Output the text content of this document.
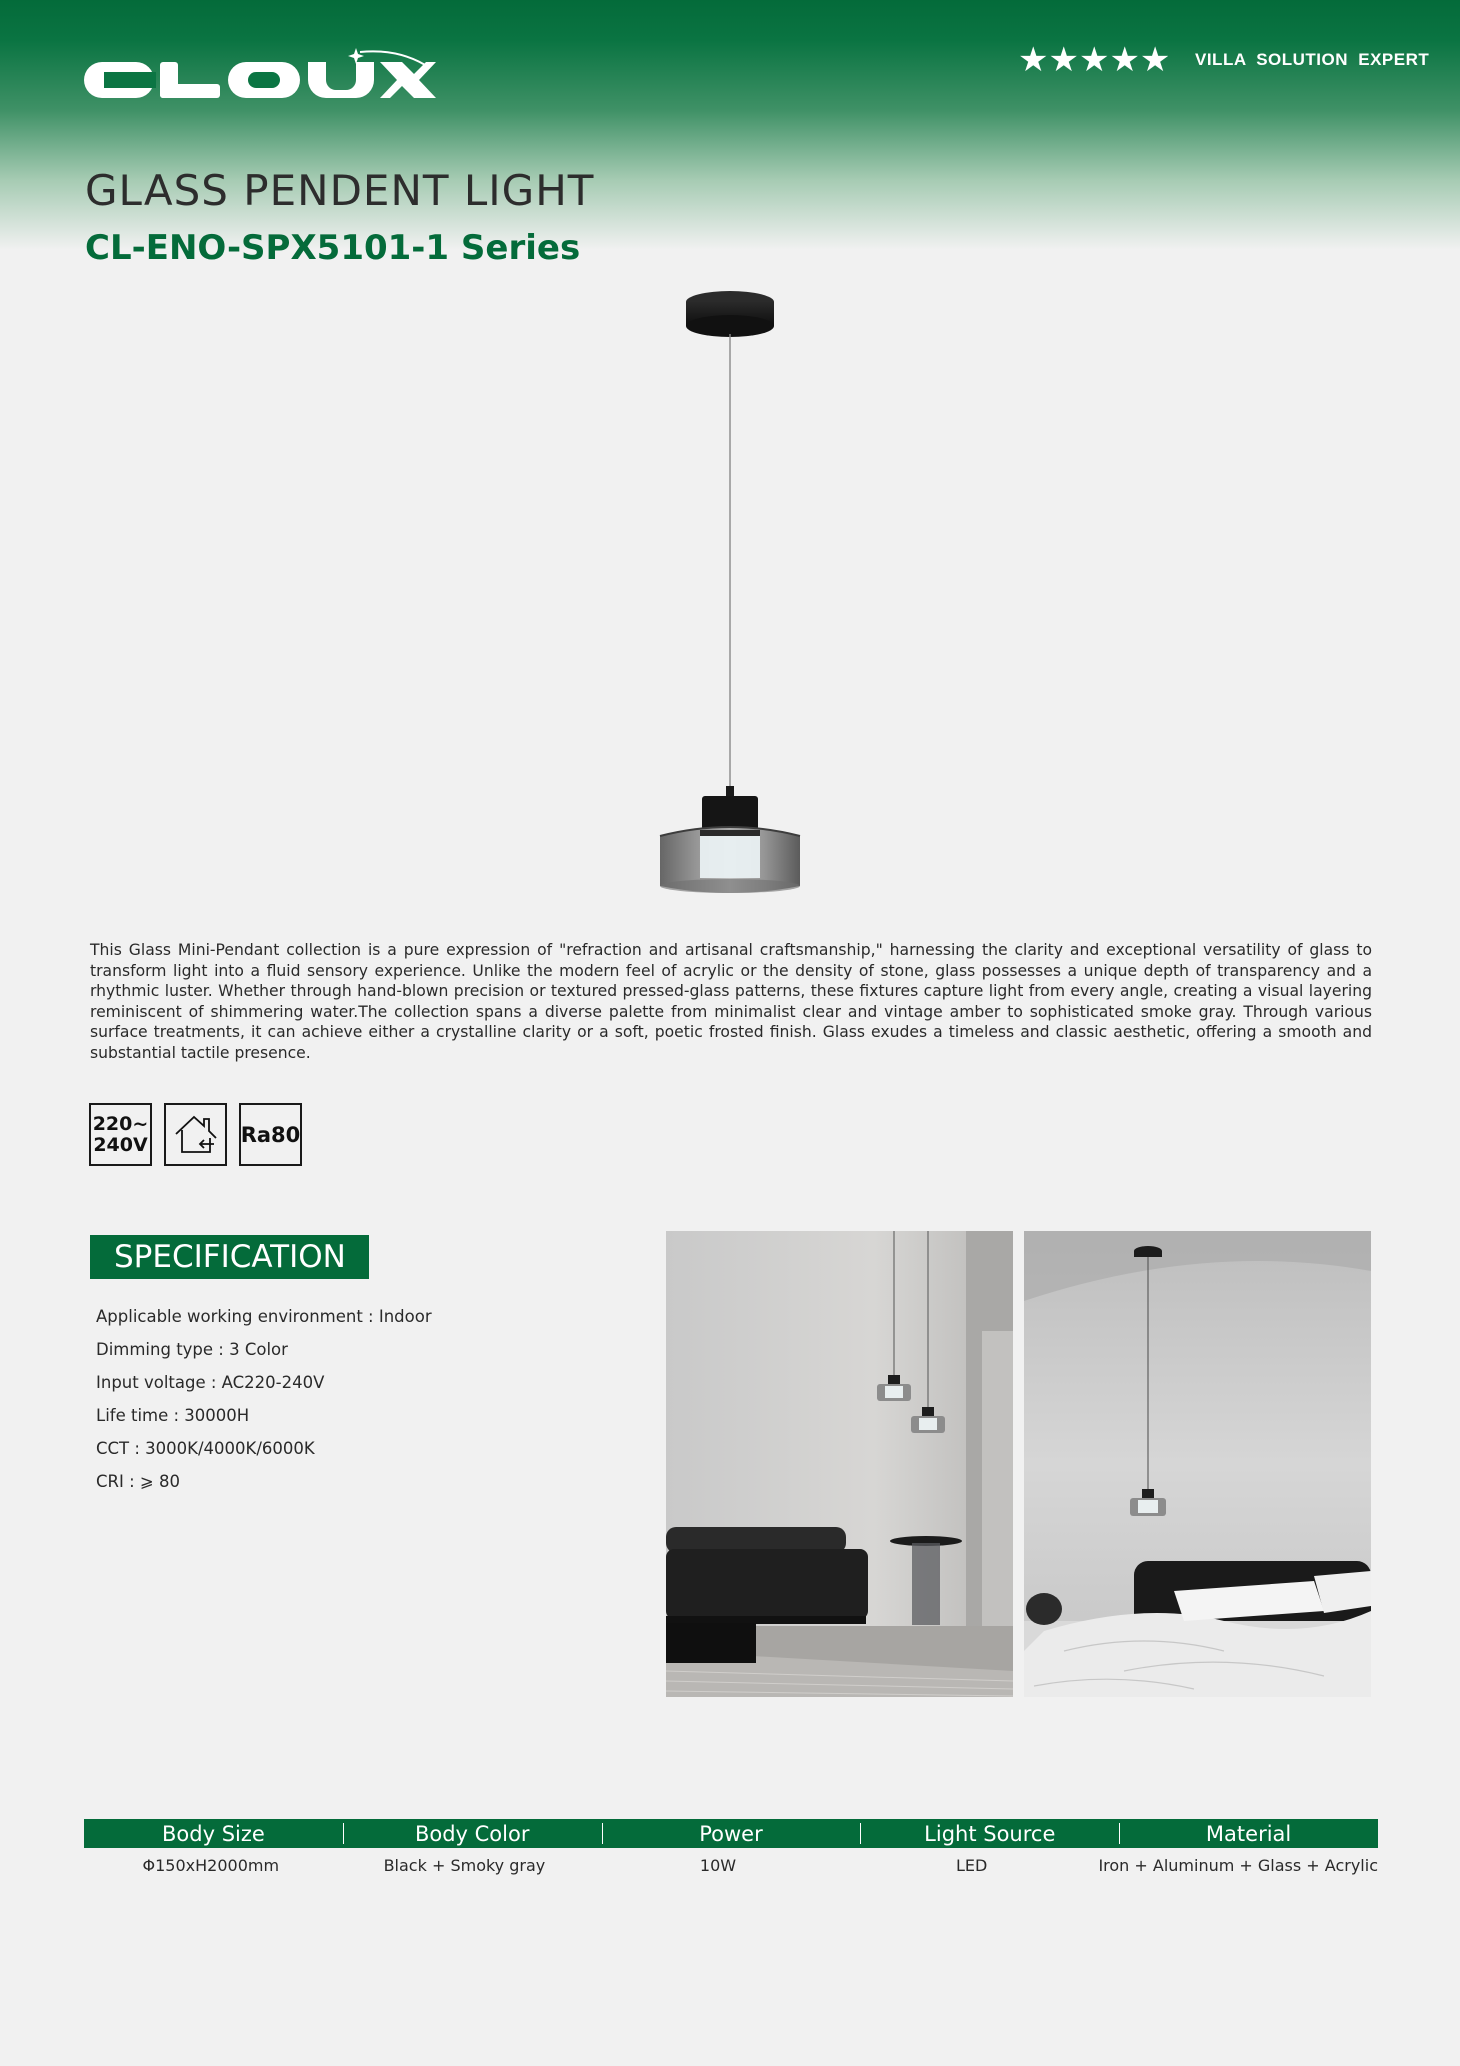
★★★★★ VILLA SOLUTION EXPERT
GLASS PENDENT LIGHT
CL-ENO-SPX5101-1 Series

This Glass Mini-Pendant collection is a pure expression of "refraction and artisanal craftsmanship," harnessing the clarity and exceptional versatility of glass to transform light into a fluid sensory experience. Unlike the modern feel of acrylic or the density of stone, glass possesses a unique depth of transparency and a rhythmic luster. Whether through hand-blown precision or textured pressed-glass patterns, these fixtures capture light from every angle, creating a visual layering reminiscent of shimmering water.The collection spans a diverse palette from minimalist clear and vintage amber to sophisticated smoke gray. Through various surface treatments, it can achieve either a crystalline clarity or a soft, poetic frosted finish. Glass exudes a timeless and classic aesthetic, offering a smooth and substantial tactile presence.

220~
240V	Ra80
SPECIFICATION
Applicable working environment : Indoor
Dimming type : 3 Color
Input voltage : AC220-240V
Life time : 30000H
CCT : 3000K/4000K/6000K
CRI : ⩾ 80
Body Size	Body Color	Power	Light Source	Material
Φ150xH2000mm	Black + Smoky gray	10W	LED	Iron + Aluminum + Glass + Acrylic
